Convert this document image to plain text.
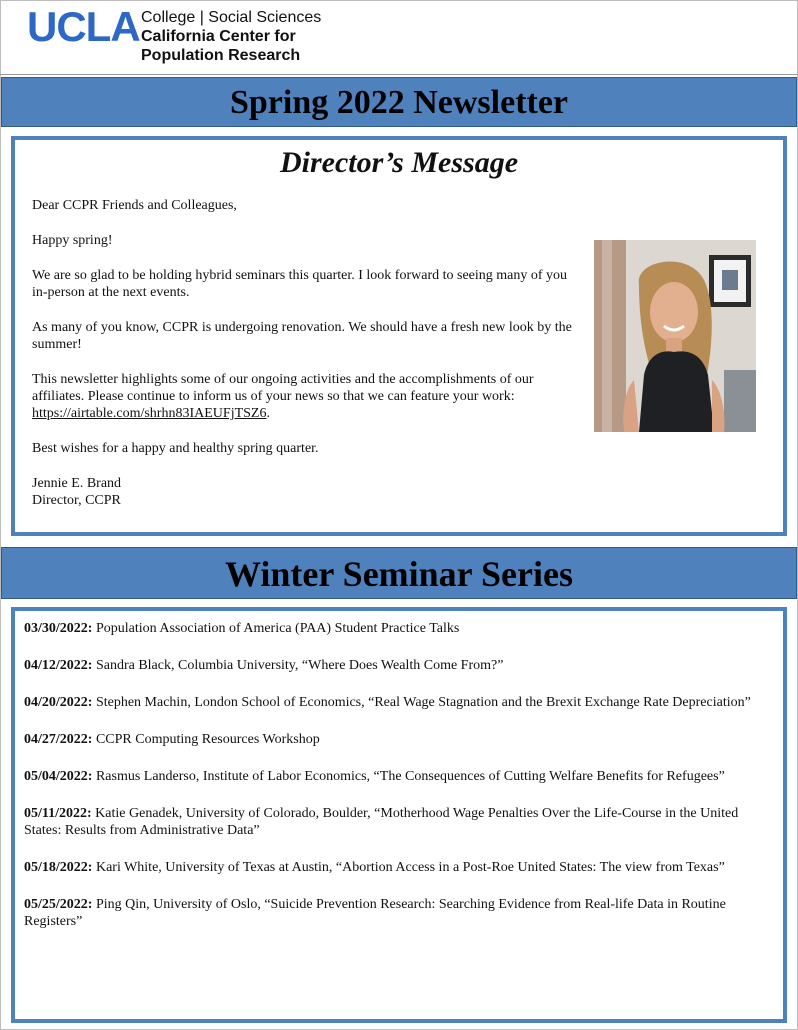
UCLA College | Social Sciences
California Center for
Population Research
Spring 2022 Newsletter
Director’s Message

Dear CCPR Friends and Colleagues,

Happy spring!

We are so glad to be holding hybrid seminars this quarter. I look forward to seeing many of you in-person at the next events.

As many of you know, CCPR is undergoing renovation. We should have a fresh new look by the summer!

This newsletter highlights some of our ongoing activities and the accomplishments of our affiliates. Please continue to inform us of your news so that we can feature your work: https://airtable.com/shrhn83IAEUFjTSZ6.

Best wishes for a happy and healthy spring quarter.

Jennie E. Brand

Director, CCPR

Winter Seminar Series
03/30/2022: Population Association of America (PAA) Student Practice Talks
04/12/2022: Sandra Black, Columbia University, “Where Does Wealth Come From?”
04/20/2022: Stephen Machin, London School of Economics, “Real Wage Stagnation and the Brexit Exchange Rate Depreciation”
04/27/2022: CCPR Computing Resources Workshop
05/04/2022: Rasmus Landerso, Institute of Labor Economics, “The Consequences of Cutting Welfare Benefits for Refugees”
05/11/2022: Katie Genadek, University of Colorado, Boulder, “Motherhood Wage Penalties Over the Life-Course in the United States: Results from Administrative Data”
05/18/2022: Kari White, University of Texas at Austin, “Abortion Access in a Post-Roe United States: The view from Texas”
05/25/2022: Ping Qin, University of Oslo, “Suicide Prevention Research: Searching Evidence from Real-life Data in Routine Registers”
